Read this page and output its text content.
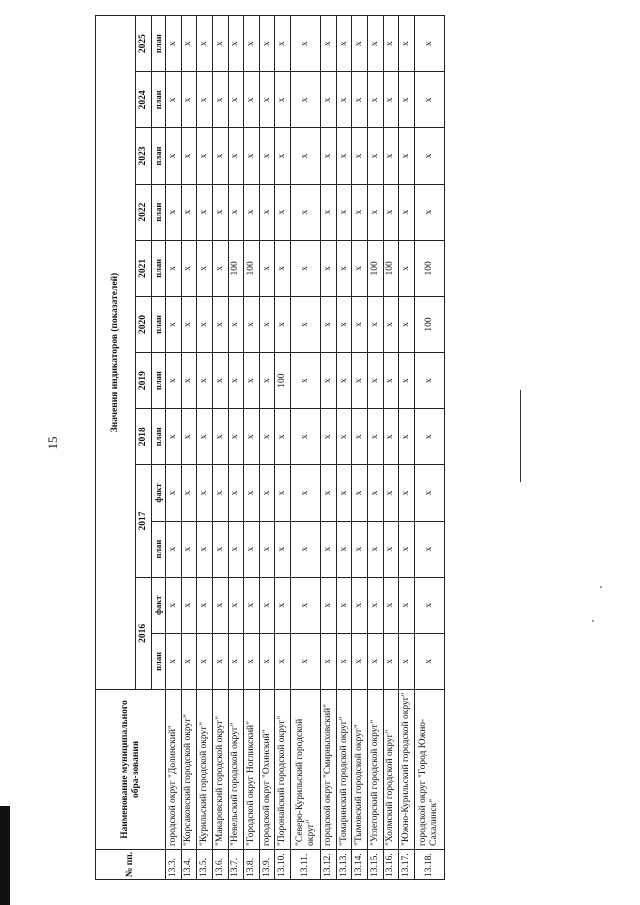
15
№ пп.	Наименование муниципального обра-зования	Значения индикаторов (показателей)											
		2016		2017		2018	2019	2020	2021	2022	2023	2024	2025
		план	факт	план	факт	план	план	план	план	план	план	план	план
13.3.	городской округ "Долинский"	x	x	x	x	x	x	x	x	x	x	x	x
13.4.	"Корсаковский городской округ"	x	x	x	x	x	x	x	x	x	x	x	x
13.5.	"Курильский городской округ"	x	x	x	x	x	x	x	x	x	x	x	x
13.6.	"Макаровский городской округ"	x	x	x	x	x	x	x	x	x	x	x	x
13.7.	"Невельский городской округ"	x	x	x	x	x	x	x	100	x	x	x	x
13.8.	"Городской округ Ногликский"	x	x	x	x	x	x	x	100	x	x	x	x
13.9.	городской округ "Охинский"	x	x	x	x	x	x	x	x	x	x	x	x
13.10.	"Поронайский городской округ"	x	x	x	x	x	100	x	x	x	x	x	x
13.11.	"Северо-Курильский городской округ"	x	x	x	x	x	x	x	x	x	x	x	x
13.12.	городской округ "Смирныховский"	x	x	x	x	x	x	x	x	x	x	x	x
13.13.	"Томаринский городской округ"	x	x	x	x	x	x	x	x	x	x	x	x
13.14.	"Тымовский городской округ"	x	x	x	x	x	x	x	x	x	x	x	x
13.15.	"Углегорский городской округ"	x	x	x	x	x	x	x	100	x	x	x	x
13.16.	"Холмский городской округ"	x	x	x	x	x	x	x	100	x	x	x	x
13.17.	"Южно-Курильский городской округ"	x	x	x	x	x	x	x	x	x	x	x	x
13.18.	городской округ "Город Южно-Сахалинск"	x	x	x	x	x	x	100	100	x	x	x	x
